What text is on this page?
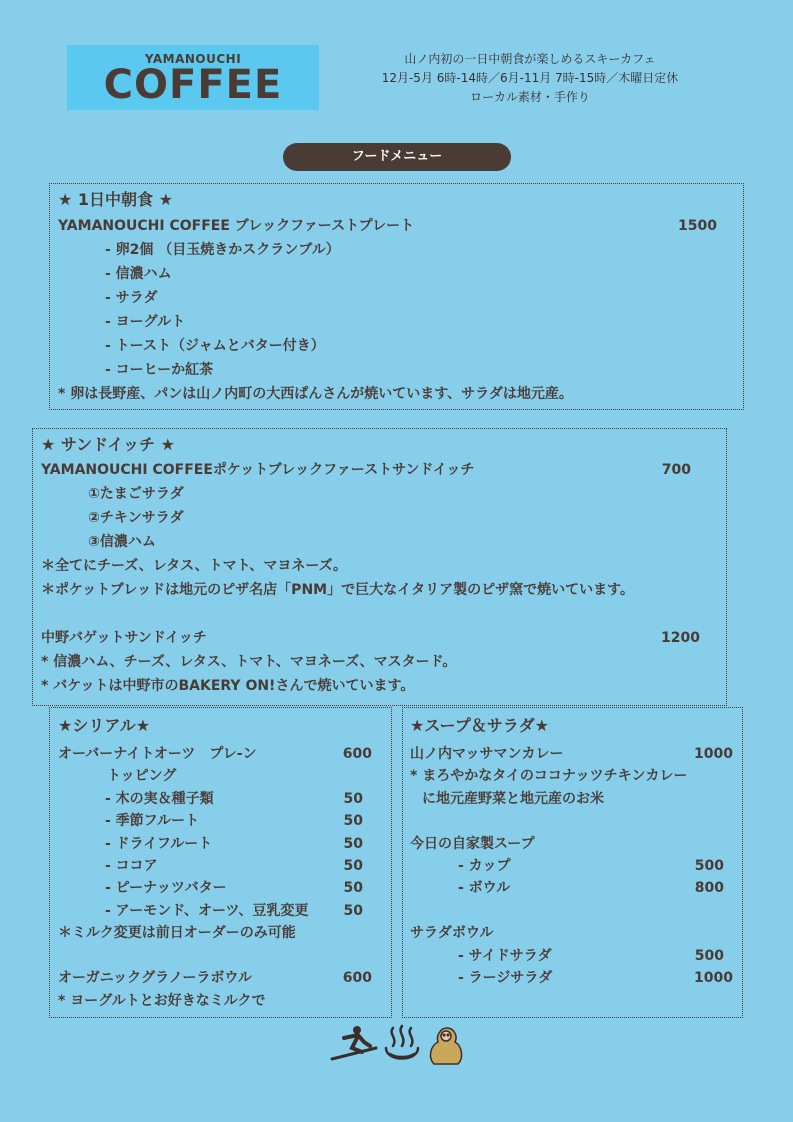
YAMANOUCHI
COFFEE
山ノ内初の一日中朝食が楽しめるスキーカフェ
12月-5月 6時-14時／6月-11月 7時-15時／木曜日定休
ローカル素材・手作り
フードメニュー
★ 1日中朝食 ★
YAMANOUCHI COFFEE ブレックファーストプレート	1500
- 卵2個 （目玉焼きかスクランブル）
- 信濃ハム
- サラダ
- ヨーグルト
- トースト（ジャムとバター付き）
- コーヒーか紅茶
* 卵は長野産、パンは山ノ内町の大西ぱんさんが焼いています、サラダは地元産。
★ サンドイッチ ★
YAMANOUCHI COFFEEポケットブレックファーストサンドイッチ	700
①たまごサラダ
②チキンサラダ
③信濃ハム
＊全てにチーズ、レタス、トマト、マヨネーズ。
＊ポケットブレッドは地元のピザ名店「PNM」で巨大なイタリア製のピザ窯で焼いています。
中野バゲットサンドイッチ	1200
* 信濃ハム、チーズ、レタス、トマト、マヨネーズ、マスタード。
* バケットは中野市のBAKERY ON!さんで焼いています。
★シリアル★
オーバーナイトオーツ　プレ-ン	600
トッピング
- 木の実＆種子類	50
- 季節フルート	50
- ドライフルート	50
- ココア	50
- ピーナッツバター	50
- アーモンド、オーツ、豆乳変更	50
＊ミルク変更は前日オーダーのみ可能
オーガニックグラノーラボウル	600
* ヨーグルトとお好きなミルクで
★スープ＆サラダ★
山ノ内マッサマンカレー	1000
* まろやかなタイのココナッツチキンカレー
に地元産野菜と地元産のお米
今日の自家製スープ
- カップ	500
- ボウル	800
サラダボウル
- サイドサラダ	500
- ラージサラダ	1000
